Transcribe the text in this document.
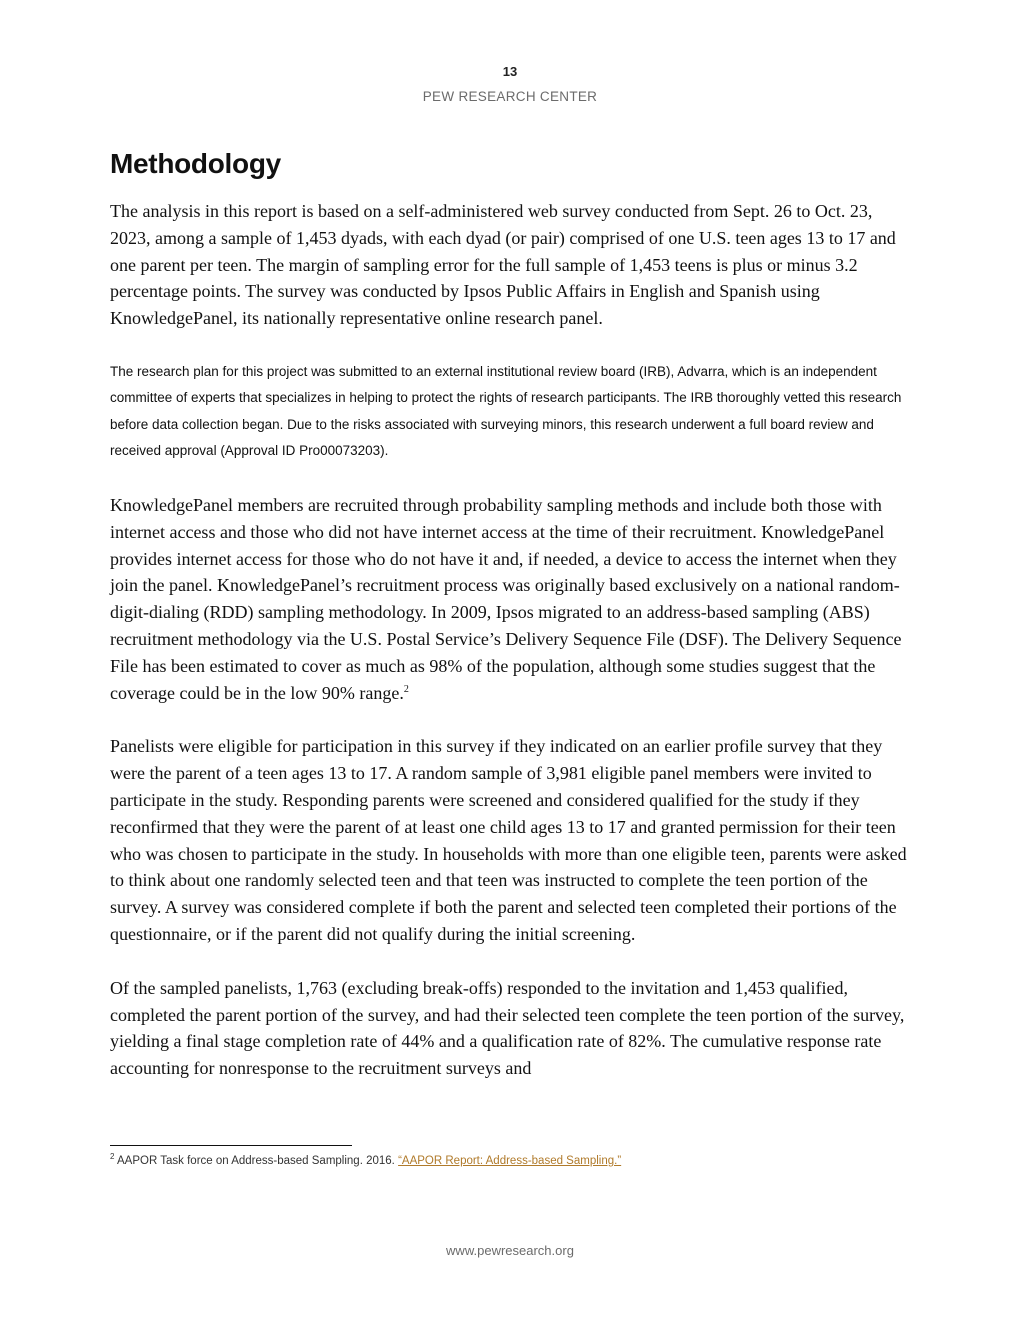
13
PEW RESEARCH CENTER
Methodology

The analysis in this report is based on a self-administered web survey conducted from Sept. 26 to Oct. 23, 2023, among a sample of 1,453 dyads, with each dyad (or pair) comprised of one U.S. teen ages 13 to 17 and one parent per teen. The margin of sampling error for the full sample of 1,453 teens is plus or minus 3.2 percentage points. The survey was conducted by Ipsos Public Affairs in English and Spanish using KnowledgePanel, its nationally representative online research panel.

The research plan for this project was submitted to an external institutional review board (IRB), Advarra, which is an independent committee of experts that specializes in helping to protect the rights of research participants. The IRB thoroughly vetted this research before data collection began. Due to the risks associated with surveying minors, this research underwent a full board review and received approval (Approval ID Pro00073203).

KnowledgePanel members are recruited through probability sampling methods and include both those with internet access and those who did not have internet access at the time of their recruitment. KnowledgePanel provides internet access for those who do not have it and, if needed, a device to access the internet when they join the panel. KnowledgePanel’s recruitment process was originally based exclusively on a national random-digit-dialing (RDD) sampling methodology. In 2009, Ipsos migrated to an address-based sampling (ABS) recruitment methodology via the U.S. Postal Service’s Delivery Sequence File (DSF). The Delivery Sequence File has been estimated to cover as much as 98% of the population, although some studies suggest that the coverage could be in the low 90% range.$^2$

Panelists were eligible for participation in this survey if they indicated on an earlier profile survey that they were the parent of a teen ages 13 to 17. A random sample of 3,981 eligible panel members were invited to participate in the study. Responding parents were screened and considered qualified for the study if they reconfirmed that they were the parent of at least one child ages 13 to 17 and granted permission for their teen who was chosen to participate in the study. In households with more than one eligible teen, parents were asked to think about one randomly selected teen and that teen was instructed to complete the teen portion of the survey. A survey was considered complete if both the parent and selected teen completed their portions of the questionnaire, or if the parent did not qualify during the initial screening.

Of the sampled panelists, 1,763 (excluding break-offs) responded to the invitation and 1,453 qualified, completed the parent portion of the survey, and had their selected teen complete the teen portion of the survey, yielding a final stage completion rate of 44% and a qualification rate of 82%. The cumulative response rate accounting for nonresponse to the recruitment surveys and

$^2$ AAPOR Task force on Address-based Sampling. 2016. “AAPOR Report: Address-based Sampling.”
www.pewresearch.org
